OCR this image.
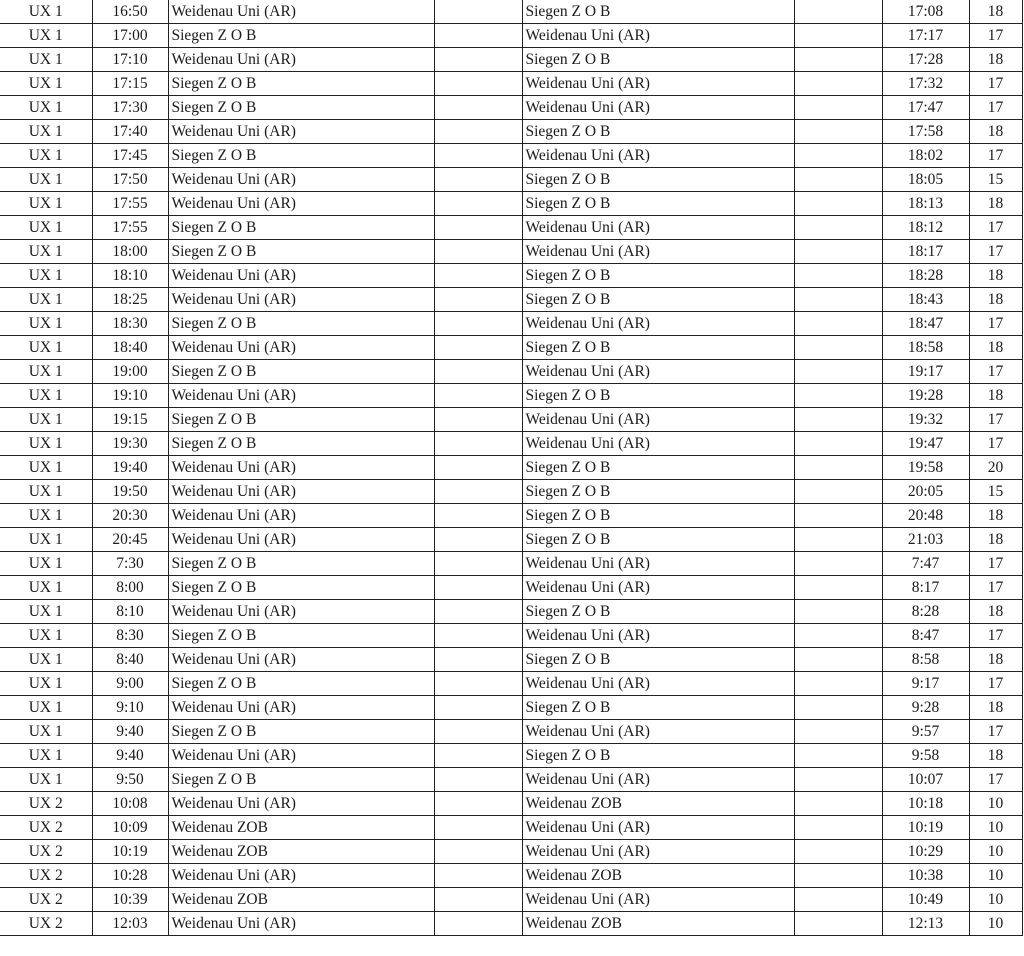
UX 1	16:50	Weidenau Uni (AR)		Siegen Z O B		17:08	18
UX 1	17:00	Siegen Z O B		Weidenau Uni (AR)		17:17	17
UX 1	17:10	Weidenau Uni (AR)		Siegen Z O B		17:28	18
UX 1	17:15	Siegen Z O B		Weidenau Uni (AR)		17:32	17
UX 1	17:30	Siegen Z O B		Weidenau Uni (AR)		17:47	17
UX 1	17:40	Weidenau Uni (AR)		Siegen Z O B		17:58	18
UX 1	17:45	Siegen Z O B		Weidenau Uni (AR)		18:02	17
UX 1	17:50	Weidenau Uni (AR)		Siegen Z O B		18:05	15
UX 1	17:55	Weidenau Uni (AR)		Siegen Z O B		18:13	18
UX 1	17:55	Siegen Z O B		Weidenau Uni (AR)		18:12	17
UX 1	18:00	Siegen Z O B		Weidenau Uni (AR)		18:17	17
UX 1	18:10	Weidenau Uni (AR)		Siegen Z O B		18:28	18
UX 1	18:25	Weidenau Uni (AR)		Siegen Z O B		18:43	18
UX 1	18:30	Siegen Z O B		Weidenau Uni (AR)		18:47	17
UX 1	18:40	Weidenau Uni (AR)		Siegen Z O B		18:58	18
UX 1	19:00	Siegen Z O B		Weidenau Uni (AR)		19:17	17
UX 1	19:10	Weidenau Uni (AR)		Siegen Z O B		19:28	18
UX 1	19:15	Siegen Z O B		Weidenau Uni (AR)		19:32	17
UX 1	19:30	Siegen Z O B		Weidenau Uni (AR)		19:47	17
UX 1	19:40	Weidenau Uni (AR)		Siegen Z O B		19:58	20
UX 1	19:50	Weidenau Uni (AR)		Siegen Z O B		20:05	15
UX 1	20:30	Weidenau Uni (AR)		Siegen Z O B		20:48	18
UX 1	20:45	Weidenau Uni (AR)		Siegen Z O B		21:03	18
UX 1	7:30	Siegen Z O B		Weidenau Uni (AR)		7:47	17
UX 1	8:00	Siegen Z O B		Weidenau Uni (AR)		8:17	17
UX 1	8:10	Weidenau Uni (AR)		Siegen Z O B		8:28	18
UX 1	8:30	Siegen Z O B		Weidenau Uni (AR)		8:47	17
UX 1	8:40	Weidenau Uni (AR)		Siegen Z O B		8:58	18
UX 1	9:00	Siegen Z O B		Weidenau Uni (AR)		9:17	17
UX 1	9:10	Weidenau Uni (AR)		Siegen Z O B		9:28	18
UX 1	9:40	Siegen Z O B		Weidenau Uni (AR)		9:57	17
UX 1	9:40	Weidenau Uni (AR)		Siegen Z O B		9:58	18
UX 1	9:50	Siegen Z O B		Weidenau Uni (AR)		10:07	17
UX 2	10:08	Weidenau Uni (AR)		Weidenau ZOB		10:18	10
UX 2	10:09	Weidenau ZOB		Weidenau Uni (AR)		10:19	10
UX 2	10:19	Weidenau ZOB		Weidenau Uni (AR)		10:29	10
UX 2	10:28	Weidenau Uni (AR)		Weidenau ZOB		10:38	10
UX 2	10:39	Weidenau ZOB		Weidenau Uni (AR)		10:49	10
UX 2	12:03	Weidenau Uni (AR)		Weidenau ZOB		12:13	10
